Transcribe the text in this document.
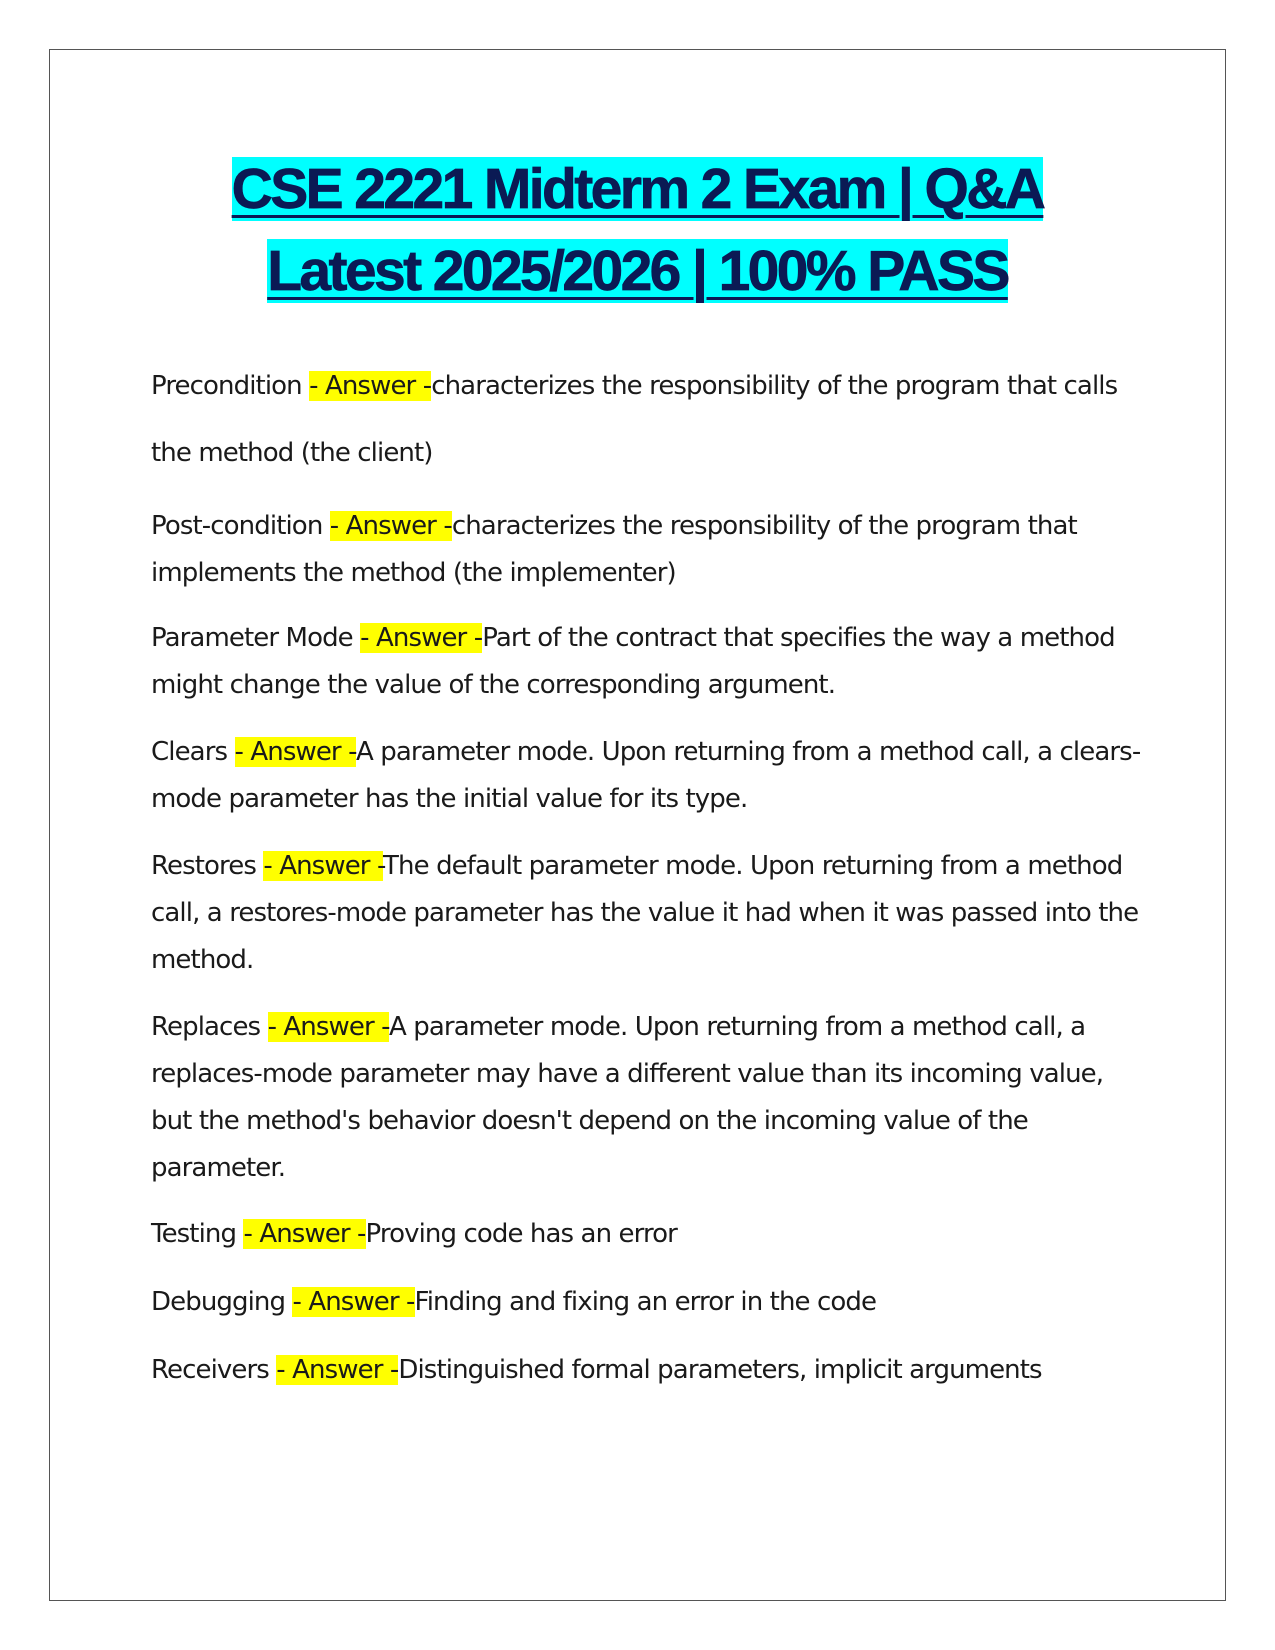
CSE 2221 Midterm 2 Exam | Q&A
Latest 2025/2026 | 100% PASS

Precondition - Answer -characterizes the responsibility of the program that calls the method (the client)

Post-condition - Answer -characterizes the responsibility of the program that implements the method (the implementer)

Parameter Mode - Answer -Part of the contract that specifies the way a method might change the value of the corresponding argument.

Clears - Answer -A parameter mode. Upon returning from a method call, a clears-mode parameter has the initial value for its type.

Restores - Answer -The default parameter mode. Upon returning from a method call, a restores-mode parameter has the value it had when it was passed into the method.

Replaces - Answer -A parameter mode. Upon returning from a method call, a replaces-mode parameter may have a different value than its incoming value, but the method's behavior doesn't depend on the incoming value of the parameter.

Testing - Answer -Proving code has an error

Debugging - Answer -Finding and fixing an error in the code

Receivers - Answer -Distinguished formal parameters, implicit arguments
